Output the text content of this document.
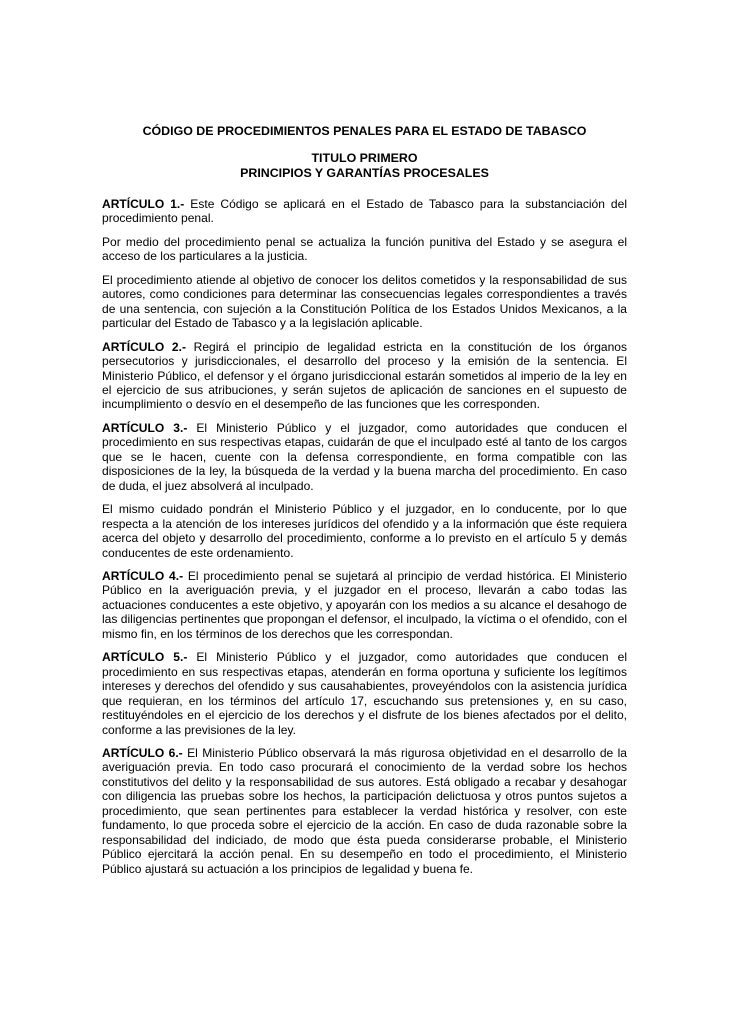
CÓDIGO DE PROCEDIMIENTOS PENALES PARA EL ESTADO DE TABASCO
TITULO PRIMERO
PRINCIPIOS Y GARANTÍAS PROCESALES

ARTÍCULO 1.- Este Código se aplicará en el Estado de Tabasco para la substanciación del procedimiento penal.

Por medio del procedimiento penal se actualiza la función punitiva del Estado y se asegura el acceso de los particulares a la justicia.

El procedimiento atiende al objetivo de conocer los delitos cometidos y la responsabilidad de sus autores, como condiciones para determinar las consecuencias legales correspondientes a través de una sentencia, con sujeción a la Constitución Política de los Estados Unidos Mexicanos, a la particular del Estado de Tabasco y a la legislación aplicable.

ARTÍCULO 2.- Regirá el principio de legalidad estricta en la constitución de los órganos persecutorios y jurisdiccionales, el desarrollo del proceso y la emisión de la sentencia. El Ministerio Público, el defensor y el órgano jurisdiccional estarán sometidos al imperio de la ley en el ejercicio de sus atribuciones, y serán sujetos de aplicación de sanciones en el supuesto de incumplimiento o desvío en el desempeño de las funciones que les corresponden.

ARTÍCULO 3.- El Ministerio Público y el juzgador, como autoridades que conducen el procedimiento en sus respectivas etapas, cuidarán de que el inculpado esté al tanto de los cargos que se le hacen, cuente con la defensa correspondiente, en forma compatible con las disposiciones de la ley, la búsqueda de la verdad y la buena marcha del procedimiento. En caso de duda, el juez absolverá al inculpado.

El mismo cuidado pondrán el Ministerio Público y el juzgador, en lo conducente, por lo que respecta a la atención de los intereses jurídicos del ofendido y a la información que éste requiera acerca del objeto y desarrollo del procedimiento, conforme a lo previsto en el artículo 5 y demás conducentes de este ordenamiento.

ARTÍCULO 4.- El procedimiento penal se sujetará al principio de verdad histórica. El Ministerio Público en la averiguación previa, y el juzgador en el proceso, llevarán a cabo todas las actuaciones conducentes a este objetivo, y apoyarán con los medios a su alcance el desahogo de las diligencias pertinentes que propongan el defensor, el inculpado, la víctima o el ofendido, con el mismo fin, en los términos de los derechos que les correspondan.

ARTÍCULO 5.- El Ministerio Público y el juzgador, como autoridades que conducen el procedimiento en sus respectivas etapas, atenderán en forma oportuna y suficiente los legítimos intereses y derechos del ofendido y sus causahabientes, proveyéndolos con la asistencia jurídica que requieran, en los términos del artículo 17, escuchando sus pretensiones y, en su caso, restituyéndoles en el ejercicio de los derechos y el disfrute de los bienes afectados por el delito, conforme a las previsiones de la ley.

ARTÍCULO 6.- El Ministerio Público observará la más rigurosa objetividad en el desarrollo de la averiguación previa. En todo caso procurará el conocimiento de la verdad sobre los hechos constitutivos del delito y la responsabilidad de sus autores. Está obligado a recabar y desahogar con diligencia las pruebas sobre los hechos, la participación delictuosa y otros puntos sujetos a procedimiento, que sean pertinentes para establecer la verdad histórica y resolver, con este fundamento, lo que proceda sobre el ejercicio de la acción. En caso de duda razonable sobre la responsabilidad del indiciado, de modo que ésta pueda considerarse probable, el Ministerio Público ejercitará la acción penal. En su desempeño en todo el procedimiento, el Ministerio Público ajustará su actuación a los principios de legalidad y buena fe.
